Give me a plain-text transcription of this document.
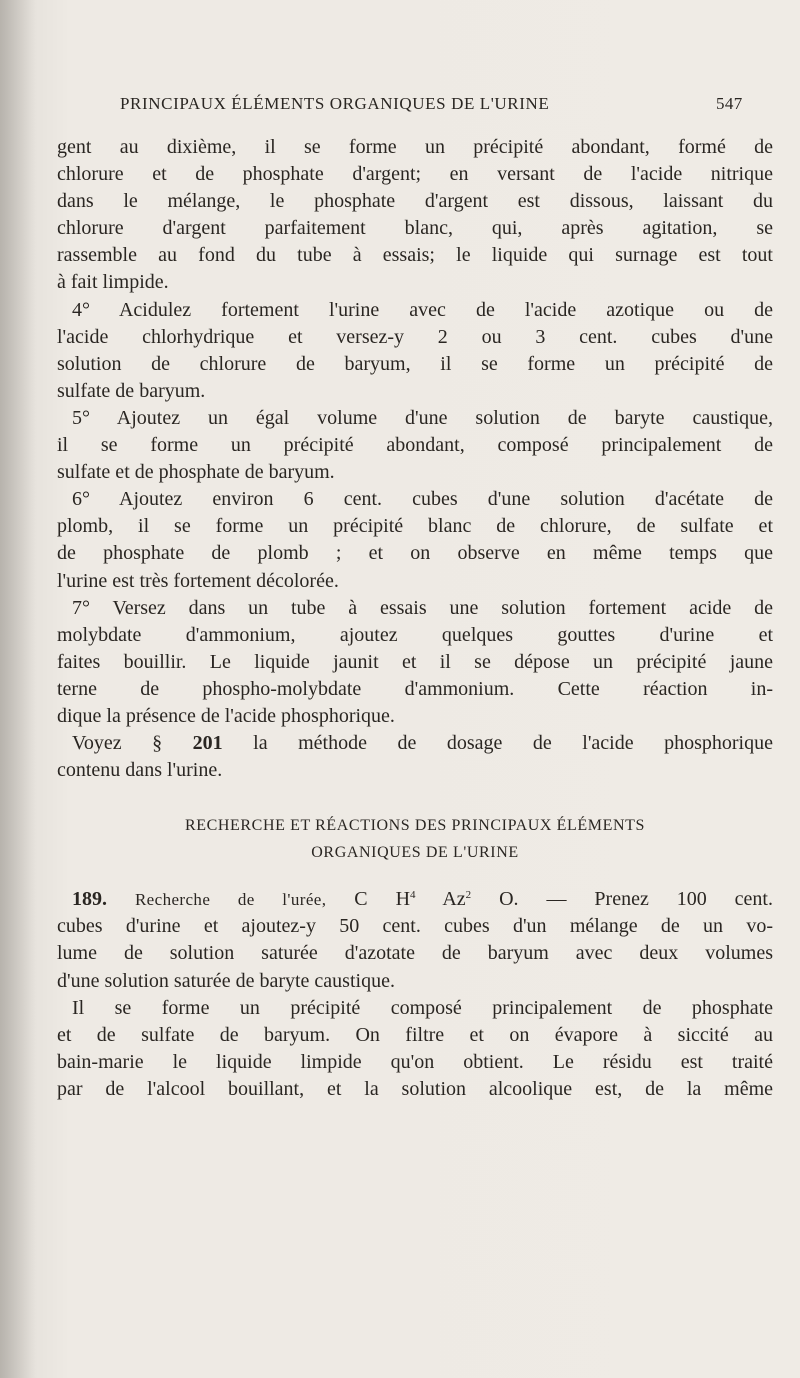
PRINCIPAUX ÉLÉMENTS ORGANIQUES DE L'URINE	547
gent au dixième, il se forme un précipité abondant, formé de
chlorure et de phosphate d'argent; en versant de l'acide nitrique
dans le mélange, le phosphate d'argent est dissous, laissant du
chlorure d'argent parfaitement blanc, qui, après agitation, se
rassemble au fond du tube à essais; le liquide qui surnage est tout
à fait limpide.
4° Acidulez fortement l'urine avec de l'acide azotique ou de
l'acide chlorhydrique et versez-y 2 ou 3 cent. cubes d'une
solution de chlorure de baryum, il se forme un précipité de
sulfate de baryum.
5° Ajoutez un égal volume d'une solution de baryte caustique,
il se forme un précipité abondant, composé principalement de
sulfate et de phosphate de baryum.
6° Ajoutez environ 6 cent. cubes d'une solution d'acétate de
plomb, il se forme un précipité blanc de chlorure, de sulfate et
de phosphate de plomb ; et on observe en même temps que
l'urine est très fortement décolorée.
7° Versez dans un tube à essais une solution fortement acide de
molybdate d'ammonium, ajoutez quelques gouttes d'urine et
faites bouillir. Le liquide jaunit et il se dépose un précipité jaune
terne de phospho-molybdate d'ammonium. Cette réaction in-
dique la présence de l'acide phosphorique.
Voyez § 201 la méthode de dosage de l'acide phosphorique
contenu dans l'urine.
RECHERCHE ET RÉACTIONS DES PRINCIPAUX ÉLÉMENTS
ORGANIQUES DE L'URINE
189. Recherche de l'urée, C $H^4$ Az$^2$ O. — Prenez 100 cent.
cubes d'urine et ajoutez-y 50 cent. cubes d'un mélange de un vo-
lume de solution saturée d'azotate de baryum avec deux volumes
d'une solution saturée de baryte caustique.
Il se forme un précipité composé principalement de phosphate
et de sulfate de baryum. On filtre et on évapore à siccité au
bain-marie le liquide limpide qu'on obtient. Le résidu est traité
par de l'alcool bouillant, et la solution alcoolique est, de la même
